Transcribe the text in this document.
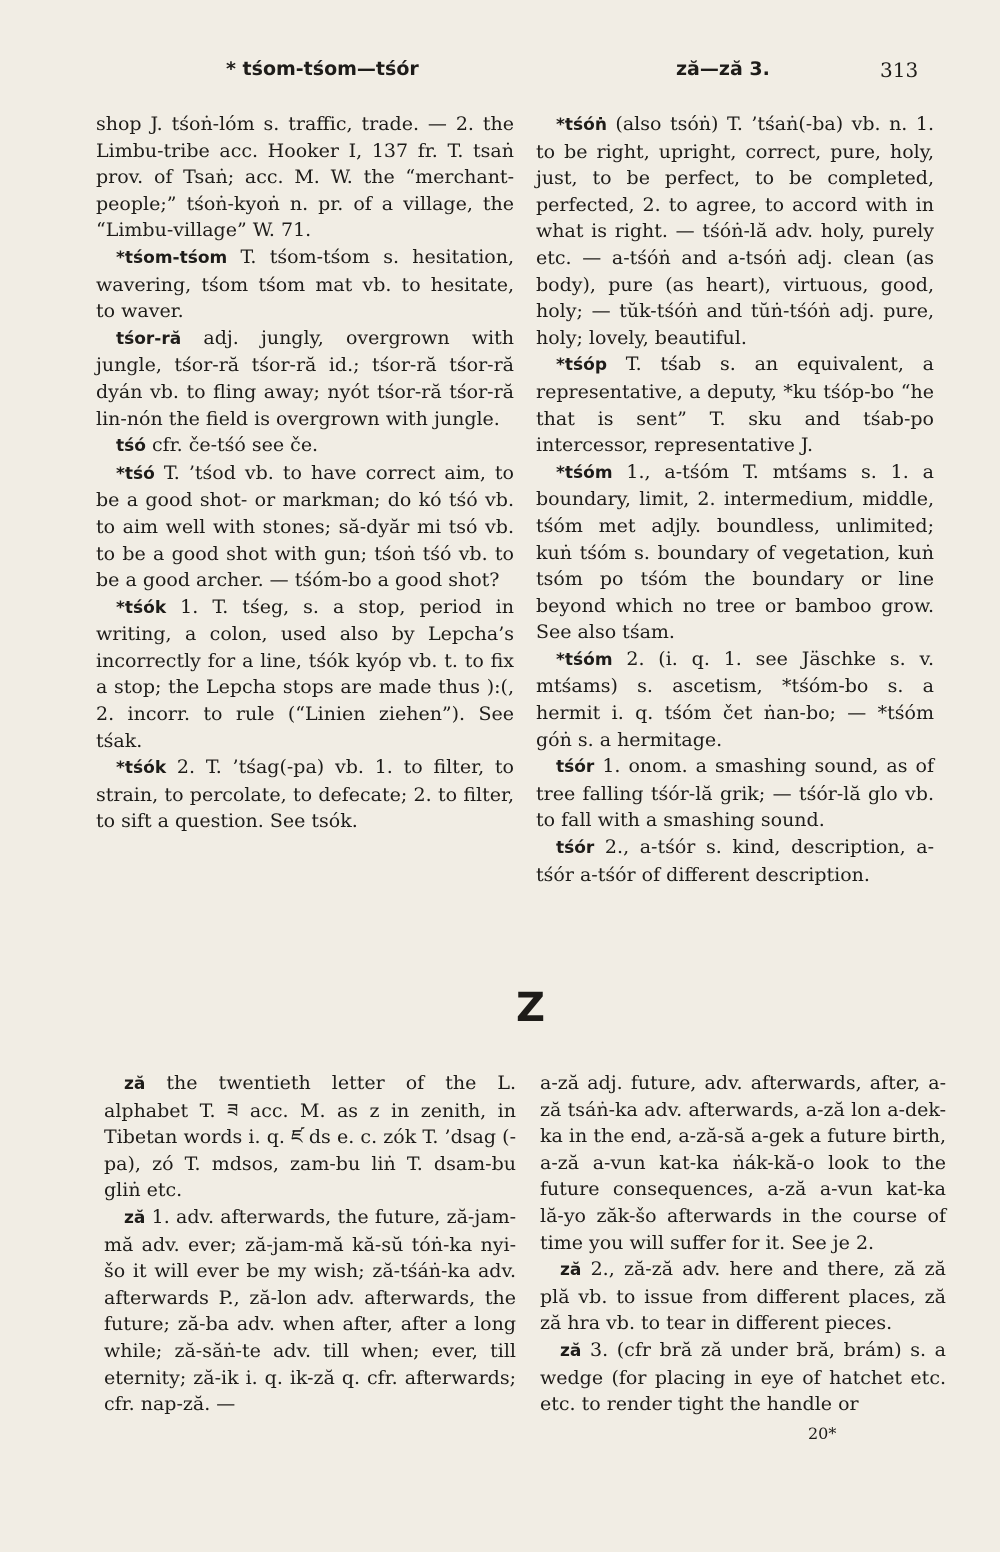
* tśom-tśom—tśór	ză—ză 3.	313

shop J. tśoṅ-lóm s. traffic, trade. — 2. the Limbu-tribe acc. Hooker I, 137 fr. T. tsaṅ prov. of Tsaṅ; acc. M. W. the “merchant-people;” tśoṅ-kyoṅ n. pr. of a village, the “Limbu-village” W. 71.

*tśom-tśom T. tśom-tśom s. hesitation, wavering, tśom tśom mat vb. to hesitate, to waver.

tśor-ră adj. jungly, overgrown with jungle, tśor-ră tśor-ră id.; tśor-ră tśor-ră dyán vb. to fling away; nyót tśor-ră tśor-ră lin-nón the field is overgrown with jungle.

tśó cfr. če-tśó see če.

*tśó T. ’tśod vb. to have correct aim, to be a good shot- or markman; do kó tśó vb. to aim well with stones; să-dyăr mi tsó vb. to be a good shot with gun; tśoṅ tśó vb. to be a good archer. — tśóm-bo a good shot?

*tśók 1. T. tśeg, s. a stop, period in writing, a colon, used also by Lepcha’s incorrectly for a line, tśók kyóp vb. t. to fix a stop; the Lepcha stops are made thus ):(, 2. incorr. to rule (“Linien ziehen”). See tśak.

*tśók 2. T. ’tśag(-pa) vb. 1. to filter, to strain, to percolate, to defecate; 2. to filter, to sift a question. See tsók.

*tśóṅ (also tsóṅ) T. ’tśaṅ(-ba) vb. n. 1. to be right, upright, correct, pure, holy, just, to be perfect, to be completed, perfected, 2. to agree, to accord with in what is right. — tśóṅ-lă adv. holy, purely etc. — a-tśóṅ and a-tsóṅ adj. clean (as body), pure (as heart), virtuous, good, holy; — tŭk-tśóṅ and tŭṅ-tśóṅ adj. pure, holy; lovely, beautiful.

*tśóp T. tśab s. an equivalent, a representative, a deputy, *ku tśóp-bo “he that is sent” T. sku and tśab-po intercessor, representative J.

*tśóm 1., a-tśóm T. mtśams s. 1. a boundary, limit, 2. intermedium, middle, tśóm met adjly. boundless, unlimited; kuṅ tśóm s. boundary of vegetation, kuṅ tsóm po tśóm the boundary or line beyond which no tree or bamboo grow. See also tśam.

*tśóm 2. (i. q. 1. see Jäschke s. v. mtśams) s. ascetism, *tśóm-bo s. a hermit i. q. tśóm čet ṅan-bo; — *tśóm góṅ s. a hermitage.

tśór 1. onom. a smashing sound, as of tree falling tśór-lă grik; — tśór-lă glo vb. to fall with a smashing sound.

tśór 2., a-tśór s. kind, description, a-tśór a-tśór of different description.

Z

ză the twentieth letter of the L. alphabet T. ཟ acc. M. as z in zenith, in Tibetan words i. q. ཛ ds e. c. zók T. ’dsag (-pa), zó T. mdsos, zam-bu liṅ T. dsam-bu gliṅ etc.

ză 1. adv. afterwards, the future, ză-jam-mă adv. ever; ză-jam-mă kă-sŭ tóṅ-ka nyi-šo it will ever be my wish; ză-tśáṅ-ka adv. afterwards P., ză-lon adv. afterwards, the future; ză-ba adv. when after, after a long while; ză-săṅ-te adv. till when; ever, till eternity; ză-ik i. q. ik-ză q. cfr. afterwards; cfr. nap-ză. —

a-ză adj. future, adv. afterwards, after, a-ză tsáṅ-ka adv. afterwards, a-ză lon a-dek-ka in the end, a-ză-să a-gek a future birth, a-ză a-vun kat-ka ṅák-kă-o look to the future consequences, a-ză a-vun kat-ka lă-yo zăk-šo afterwards in the course of time you will suffer for it. See je 2.

ză 2., ză-ză adv. here and there, ză ză plă vb. to issue from different places, ză ză hra vb. to tear in different pieces.

ză 3. (cfr bră ză under bră, brám) s. a wedge (for placing in eye of hatchet etc. etc. to render tight the handle or

20*
